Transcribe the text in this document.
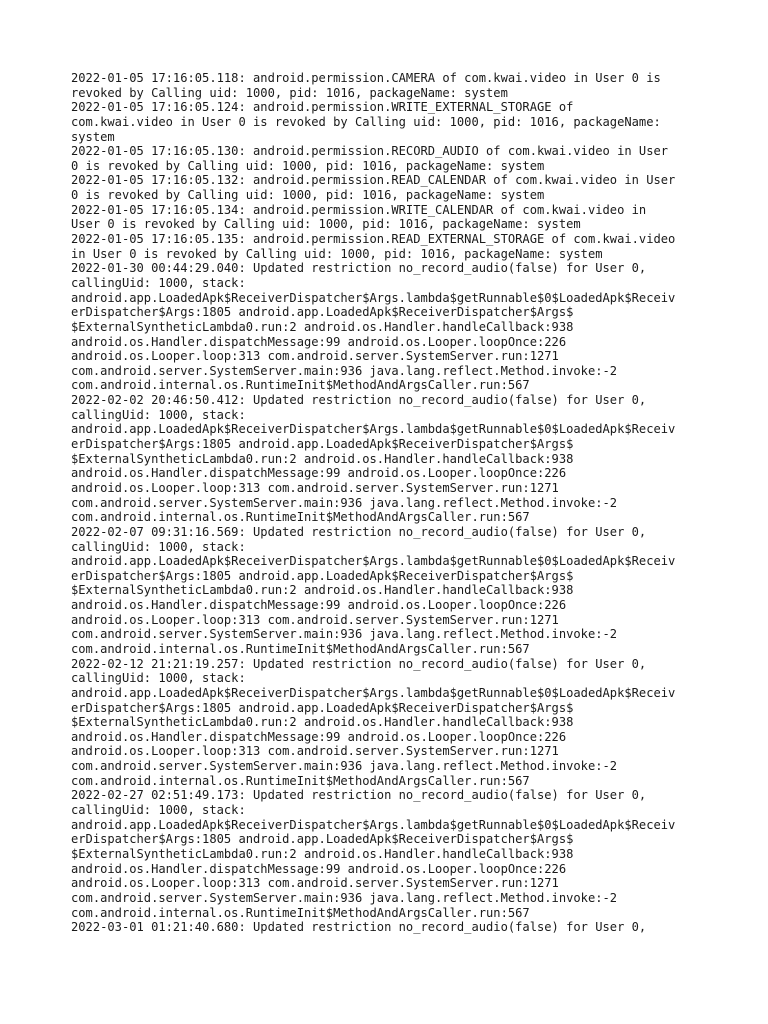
2022-01-05 17:16:05.118: android.permission.CAMERA of com.kwai.video in User 0 is
revoked by Calling uid: 1000, pid: 1016, packageName: system
2022-01-05 17:16:05.124: android.permission.WRITE_EXTERNAL_STORAGE of
com.kwai.video in User 0 is revoked by Calling uid: 1000, pid: 1016, packageName:
system
2022-01-05 17:16:05.130: android.permission.RECORD_AUDIO of com.kwai.video in User
0 is revoked by Calling uid: 1000, pid: 1016, packageName: system
2022-01-05 17:16:05.132: android.permission.READ_CALENDAR of com.kwai.video in User
0 is revoked by Calling uid: 1000, pid: 1016, packageName: system
2022-01-05 17:16:05.134: android.permission.WRITE_CALENDAR of com.kwai.video in
User 0 is revoked by Calling uid: 1000, pid: 1016, packageName: system
2022-01-05 17:16:05.135: android.permission.READ_EXTERNAL_STORAGE of com.kwai.video
in User 0 is revoked by Calling uid: 1000, pid: 1016, packageName: system
2022-01-30 00:44:29.040: Updated restriction no_record_audio(false) for User 0,
callingUid: 1000, stack:
android.app.LoadedApk$ReceiverDispatcher$Args.lambda$getRunnable$0$LoadedApk$Receiv
erDispatcher$Args:1805 android.app.LoadedApk$ReceiverDispatcher$Args$
$ExternalSyntheticLambda0.run:2 android.os.Handler.handleCallback:938
android.os.Handler.dispatchMessage:99 android.os.Looper.loopOnce:226
android.os.Looper.loop:313 com.android.server.SystemServer.run:1271
com.android.server.SystemServer.main:936 java.lang.reflect.Method.invoke:-2
com.android.internal.os.RuntimeInit$MethodAndArgsCaller.run:567
2022-02-02 20:46:50.412: Updated restriction no_record_audio(false) for User 0,
callingUid: 1000, stack:
android.app.LoadedApk$ReceiverDispatcher$Args.lambda$getRunnable$0$LoadedApk$Receiv
erDispatcher$Args:1805 android.app.LoadedApk$ReceiverDispatcher$Args$
$ExternalSyntheticLambda0.run:2 android.os.Handler.handleCallback:938
android.os.Handler.dispatchMessage:99 android.os.Looper.loopOnce:226
android.os.Looper.loop:313 com.android.server.SystemServer.run:1271
com.android.server.SystemServer.main:936 java.lang.reflect.Method.invoke:-2
com.android.internal.os.RuntimeInit$MethodAndArgsCaller.run:567
2022-02-07 09:31:16.569: Updated restriction no_record_audio(false) for User 0,
callingUid: 1000, stack:
android.app.LoadedApk$ReceiverDispatcher$Args.lambda$getRunnable$0$LoadedApk$Receiv
erDispatcher$Args:1805 android.app.LoadedApk$ReceiverDispatcher$Args$
$ExternalSyntheticLambda0.run:2 android.os.Handler.handleCallback:938
android.os.Handler.dispatchMessage:99 android.os.Looper.loopOnce:226
android.os.Looper.loop:313 com.android.server.SystemServer.run:1271
com.android.server.SystemServer.main:936 java.lang.reflect.Method.invoke:-2
com.android.internal.os.RuntimeInit$MethodAndArgsCaller.run:567
2022-02-12 21:21:19.257: Updated restriction no_record_audio(false) for User 0,
callingUid: 1000, stack:
android.app.LoadedApk$ReceiverDispatcher$Args.lambda$getRunnable$0$LoadedApk$Receiv
erDispatcher$Args:1805 android.app.LoadedApk$ReceiverDispatcher$Args$
$ExternalSyntheticLambda0.run:2 android.os.Handler.handleCallback:938
android.os.Handler.dispatchMessage:99 android.os.Looper.loopOnce:226
android.os.Looper.loop:313 com.android.server.SystemServer.run:1271
com.android.server.SystemServer.main:936 java.lang.reflect.Method.invoke:-2
com.android.internal.os.RuntimeInit$MethodAndArgsCaller.run:567
2022-02-27 02:51:49.173: Updated restriction no_record_audio(false) for User 0,
callingUid: 1000, stack:
android.app.LoadedApk$ReceiverDispatcher$Args.lambda$getRunnable$0$LoadedApk$Receiv
erDispatcher$Args:1805 android.app.LoadedApk$ReceiverDispatcher$Args$
$ExternalSyntheticLambda0.run:2 android.os.Handler.handleCallback:938
android.os.Handler.dispatchMessage:99 android.os.Looper.loopOnce:226
android.os.Looper.loop:313 com.android.server.SystemServer.run:1271
com.android.server.SystemServer.main:936 java.lang.reflect.Method.invoke:-2
com.android.internal.os.RuntimeInit$MethodAndArgsCaller.run:567
2022-03-01 01:21:40.680: Updated restriction no_record_audio(false) for User 0,
